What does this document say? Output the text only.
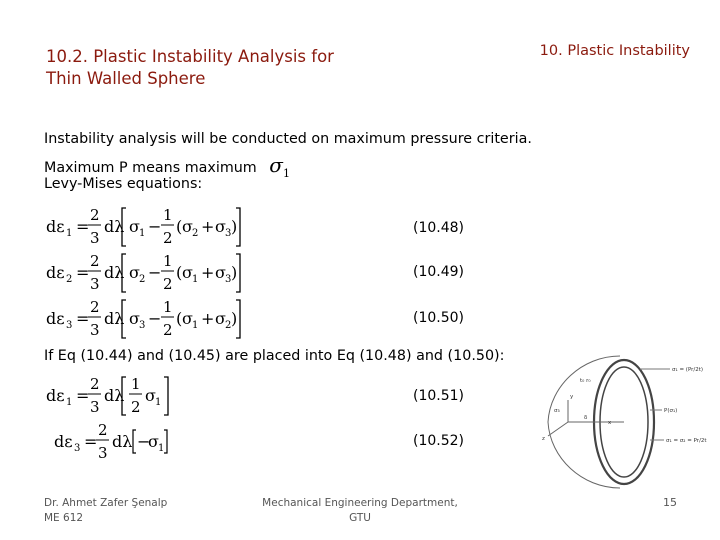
10.2. Plastic Instability Analysis for Thin Walled Sphere
10. Plastic Instability
Instability analysis will be conducted on maximum pressure criteria.
Maximum P means maximum $\sigma_1$
Levy-Mises equations:
dε 1 =
2
3
dλ σ 1 −
1
2
( σ 2 + σ 3 )	(10.48)
dε 2 =
2
3
dλ σ 2 −
1
2
( σ 1 + σ 3 )	(10.49)
dε 3 =
2
3
dλ σ 3 −
1
2
( σ 1 + σ 2 )	(10.50)
If Eq (10.44) and (10.45) are placed into Eq (10.48) and (10.50):
dε 1 =
2
3
dλ
1
2
σ 1	(10.51)
dε 3 =
2
3
dλ −
σ 1	(10.52)
σ₁ = (Pr/2t)
P(σ₁)
σ₁ = σ₂ = Pr/2t
t₀ r₀
σ₃
y
z
x
δ
Dr. Ahmet Zafer Şenalp
ME 612
Mechanical Engineering Department,
GTU
15
